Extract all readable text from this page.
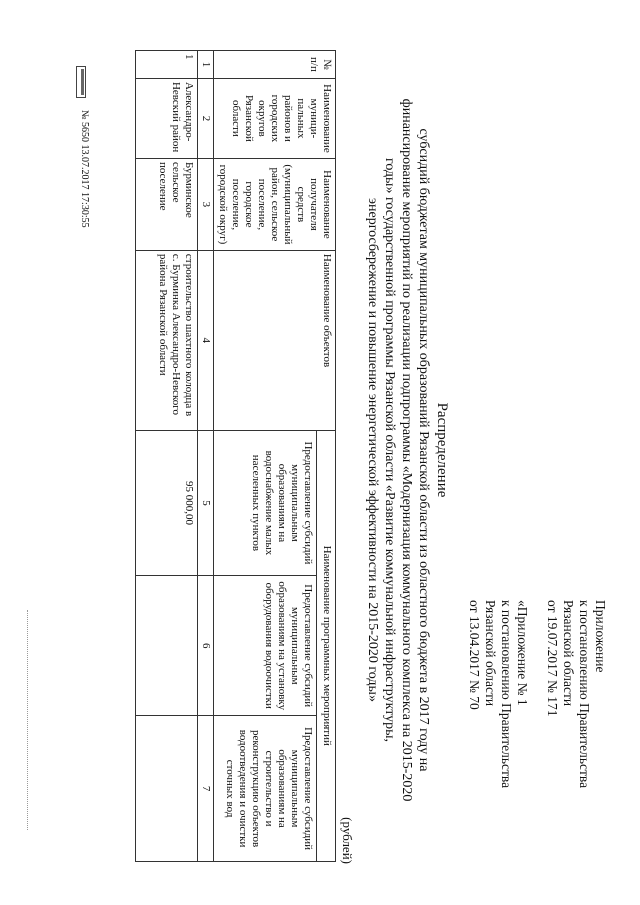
Приложение

к постановлению Правительства

Рязанской области

от 19.07.2017 № 171

«Приложение № 1

к постановлению Правительства

Рязанской области

от 13.04.2017 № 70

Распределение

субсидий бюджетам муниципальных образований Рязанской области из областного бюджета в 2017 году на

финансирование мероприятий по реализации подпрограммы «Модернизация коммунального комплекса на 2015-2020

годы» государственной программы Рязанской области «Развитие коммунальной инфраструктуры,

энергосбережение и повышение энергетической эффективности на 2015-2020 годы»

(рублей)
№ п/п	Наименование муници-пальных районов и городских округов Рязанской области	Наименование получателя средств (муниципальный район, сельское поселение, городское поселение, городской округ)	Наименование объектов	Наименование программных мероприятий		
				Предоставление субсидий муниципальным образованиям на водоснабжение малых населенных пунктов	Предоставление субсидий муниципальным образованиям на установку оборудования водоочистки	Предоставление субсидий муниципальным образованиям на строительство и реконструкцию объектов водоотведения и очистки сточных вод
1	2	3	4	5	6	7
1	Александро-Невский район	Бурминское сельское поселение	строительство шахтного колодца в с. Бурминка Александро-Невского района Рязанской области	95 000,00		
№ 5650 13.07.2017 17:30:55
